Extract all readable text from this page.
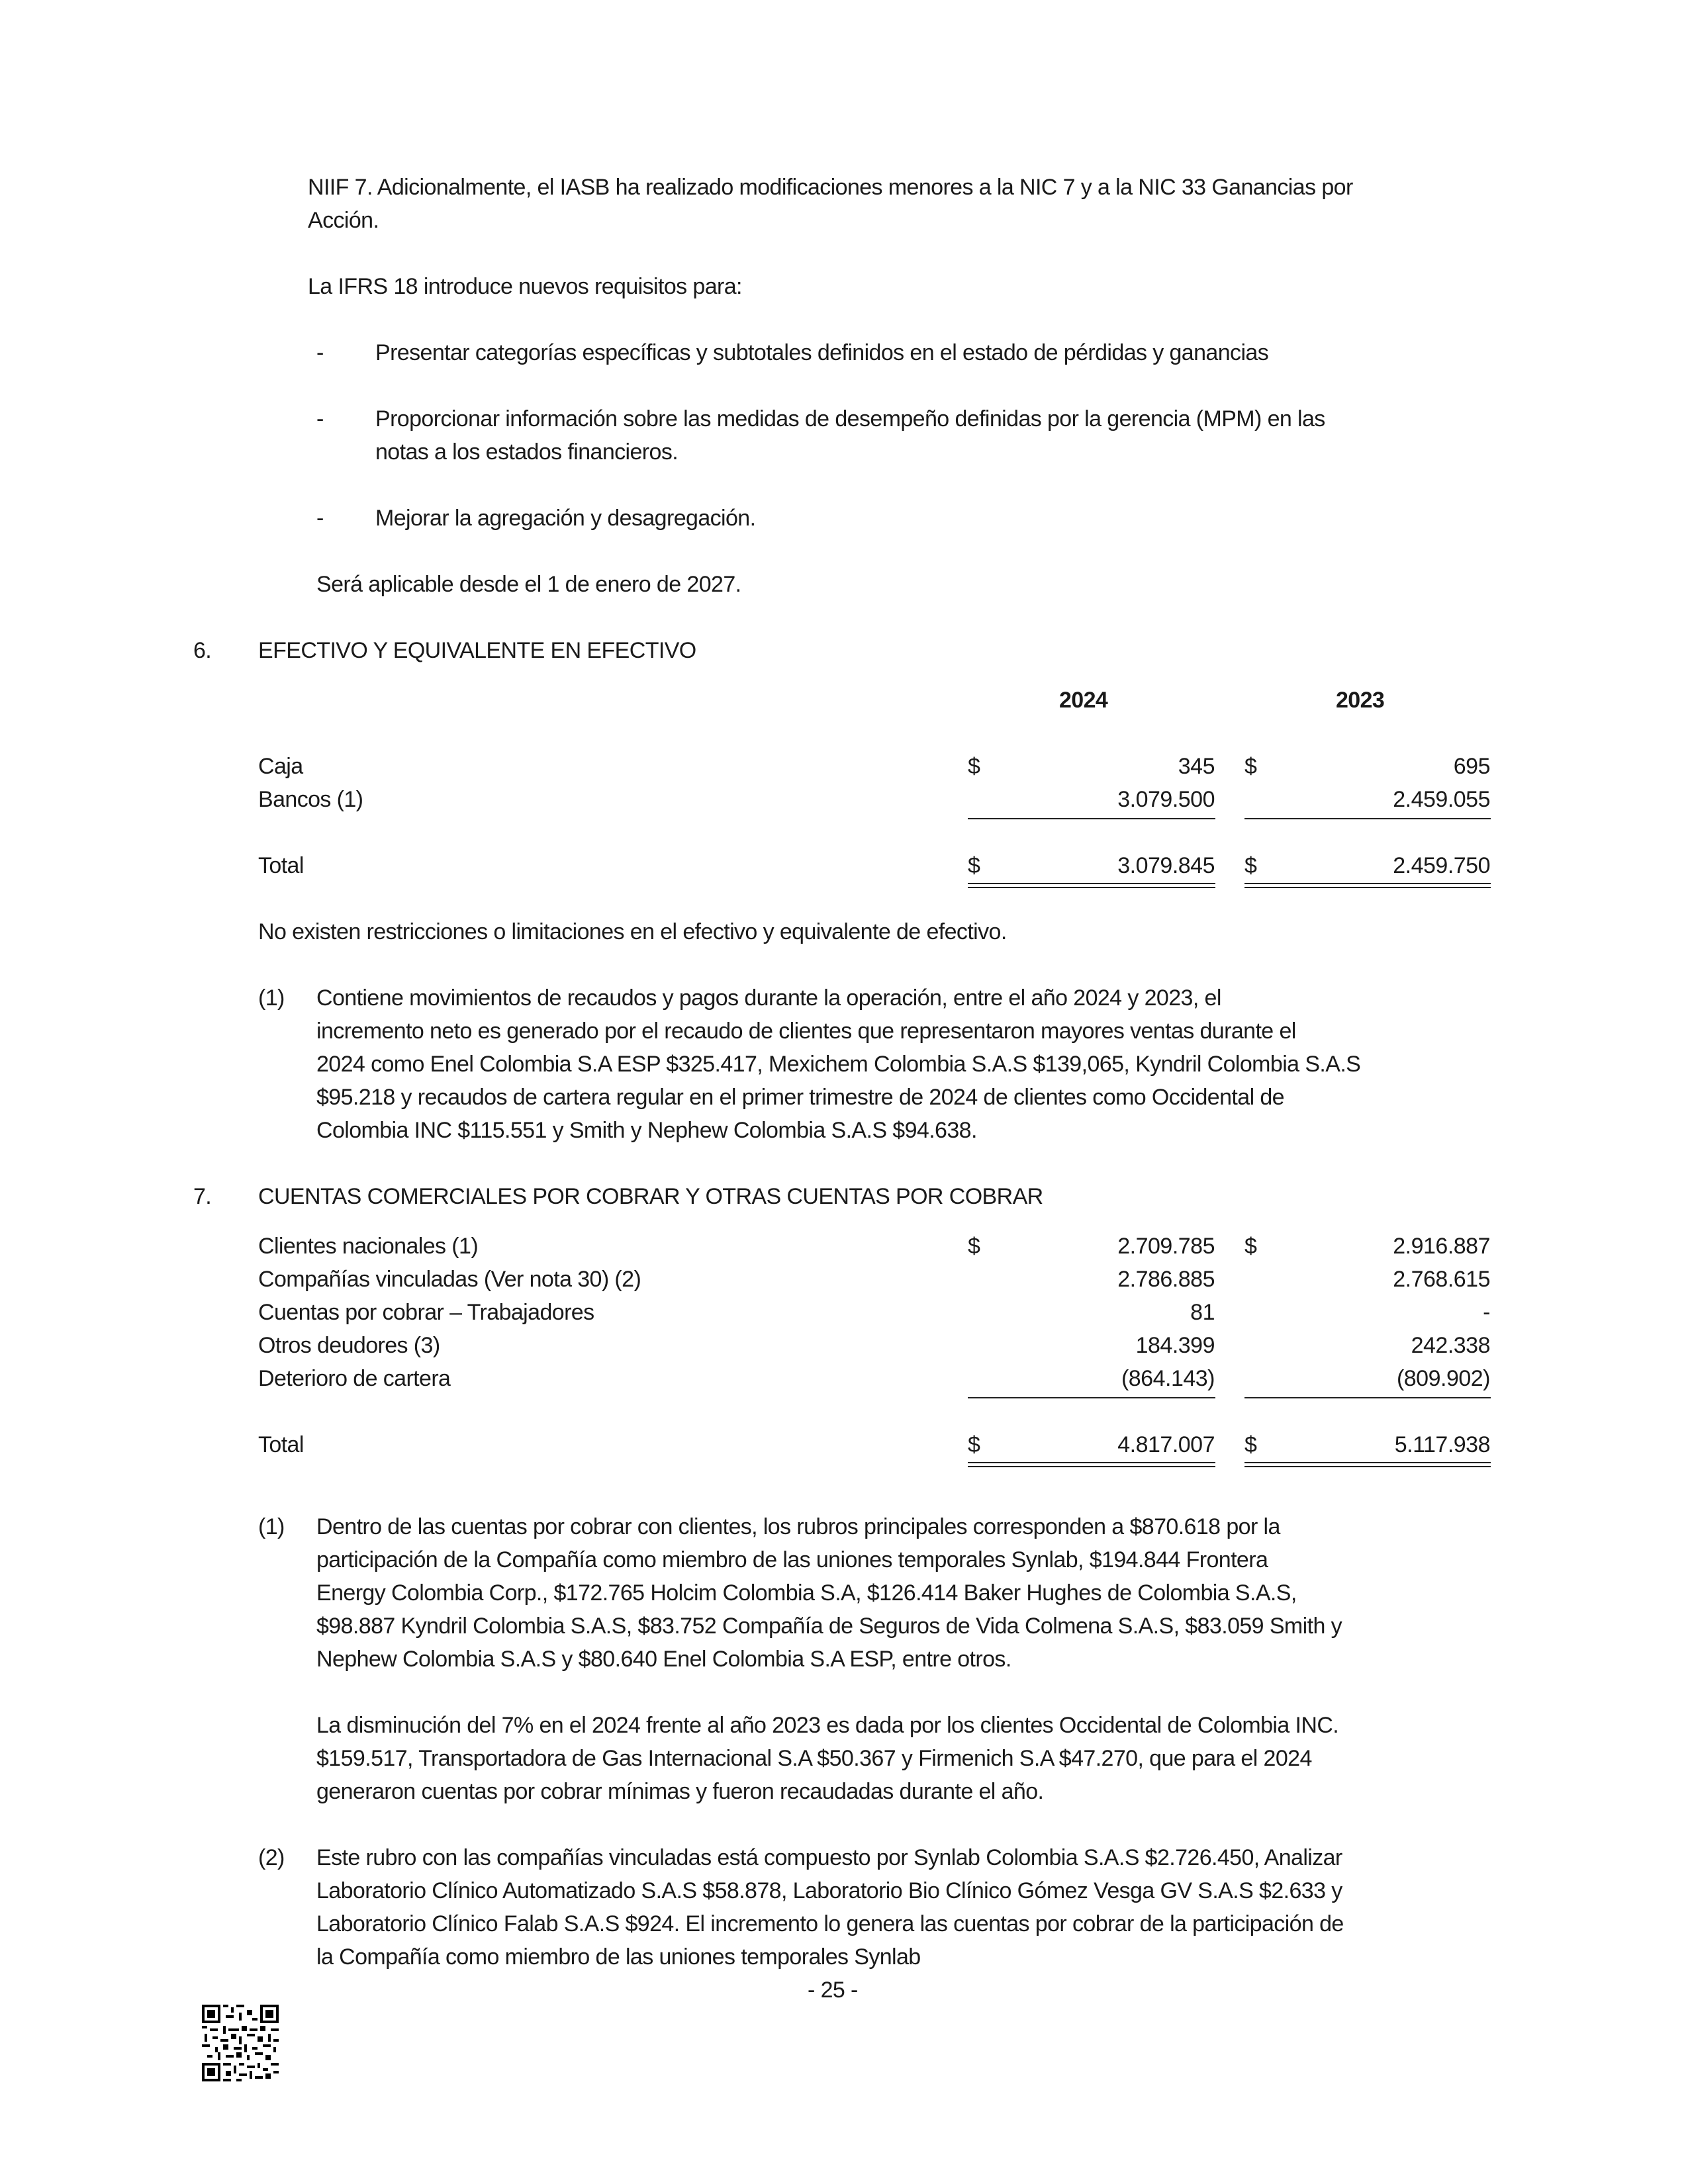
NIIF 7. Adicionalmente, el IASB ha realizado modificaciones menores a la NIC 7 y a la NIC 33 Ganancias por
Acción.
La IFRS 18 introduce nuevos requisitos para:
- Presentar categorías específicas y subtotales definidos en el estado de pérdidas y ganancias
- Proporcionar información sobre las medidas de desempeño definidas por la gerencia (MPM) en las
notas a los estados financieros.
- Mejorar la agregación y desagregación.
Será aplicable desde el 1 de enero de 2027.
6. EFECTIVO Y EQUIVALENTE EN EFECTIVO
2024	2023
Caja	$	345 $	695
Bancos (1)	3.079.500	2.459.055
Total	$	3.079.845 $	2.459.750
No existen restricciones o limitaciones en el efectivo y equivalente de efectivo.
(1) Contiene movimientos de recaudos y pagos durante la operación, entre el año 2024 y 2023, el
incremento neto es generado por el recaudo de clientes que representaron mayores ventas durante el
2024 como Enel Colombia S.A ESP $325.417, Mexichem Colombia S.A.S $139,065, Kyndril Colombia S.A.S
$95.218 y recaudos de cartera regular en el primer trimestre de 2024 de clientes como Occidental de
Colombia INC $115.551 y Smith y Nephew Colombia S.A.S $94.638.
7. CUENTAS COMERCIALES POR COBRAR Y OTRAS CUENTAS POR COBRAR
Clientes nacionales (1)	$	2.709.785 $	2.916.887
Compañías vinculadas (Ver nota 30) (2)	2.786.885	2.768.615
Cuentas por cobrar – Trabajadores	81	-
Otros deudores (3)	184.399	242.338
Deterioro de cartera	(864.143)	(809.902)
Total	$	4.817.007 $	5.117.938
(1) Dentro de las cuentas por cobrar con clientes, los rubros principales corresponden a $870.618 por la
participación de la Compañía como miembro de las uniones temporales Synlab, $194.844 Frontera
Energy Colombia Corp., $172.765 Holcim Colombia S.A, $126.414 Baker Hughes de Colombia S.A.S,
$98.887 Kyndril Colombia S.A.S, $83.752 Compañía de Seguros de Vida Colmena S.A.S, $83.059 Smith y
Nephew Colombia S.A.S y $80.640 Enel Colombia S.A ESP, entre otros.
La disminución del 7% en el 2024 frente al año 2023 es dada por los clientes Occidental de Colombia INC.
$159.517, Transportadora de Gas Internacional S.A $50.367 y Firmenich S.A $47.270, que para el 2024
generaron cuentas por cobrar mínimas y fueron recaudadas durante el año.
(2) Este rubro con las compañías vinculadas está compuesto por Synlab Colombia S.A.S $2.726.450, Analizar
Laboratorio Clínico Automatizado S.A.S $58.878, Laboratorio Bio Clínico Gómez Vesga GV S.A.S $2.633 y
Laboratorio Clínico Falab S.A.S $924. El incremento lo genera las cuentas por cobrar de la participación de
la Compañía como miembro de las uniones temporales Synlab
- 25 -
